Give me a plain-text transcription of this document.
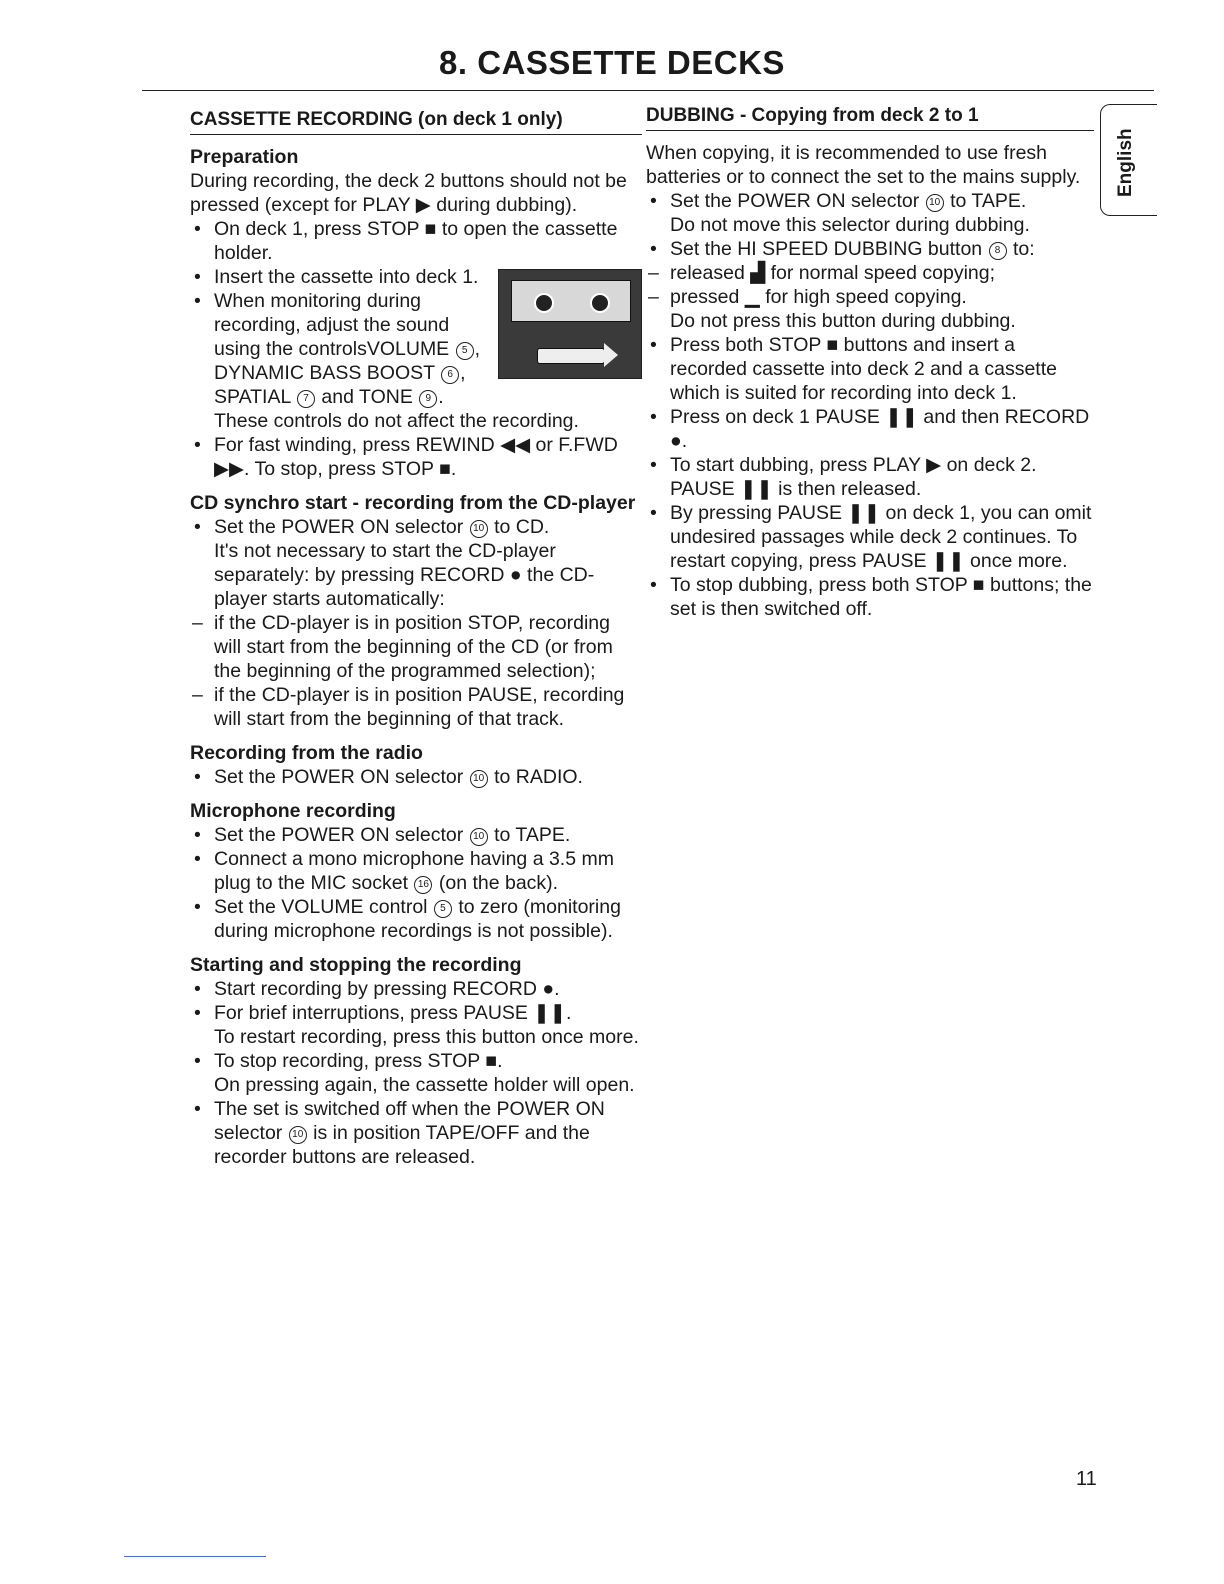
8. CASSETTE DECKS
English
CASSETTE RECORDING (on deck 1 only)

Preparation

During recording, the deck 2 buttons should not be pressed (except for PLAY ▶ during dubbing).

• On deck 1, press STOP ■ to open the cassette holder.
• Insert the cassette into deck 1.
• When monitoring during recording, adjust the sound using the controlsVOLUME 5 , DYNAMIC BASS BOOST 6 , SPATIAL 7 and TONE 9 .
These controls do not affect the recording.
• For fast winding, press REWIND ◀◀ or F.FWD ▶▶. To stop, press STOP ■.

CD synchro start - recording from the CD-player

• Set the POWER ON selector 10 to CD.
It's not necessary to start the CD-player separately: by pressing RECORD ● the CD-player starts automatically:
– if the CD-player is in position STOP, recording will start from the beginning of the CD (or from the beginning of the programmed selection);
– if the CD-player is in position PAUSE, recording will start from the beginning of that track.

Recording from the radio

• Set the POWER ON selector 10 to RADIO.

Microphone recording

• Set the POWER ON selector 10 to TAPE.
• Connect a mono microphone having a 3.5 mm plug to the MIC socket 16 (on the back).
• Set the VOLUME control 5 to zero (monitoring during microphone recordings is not possible).

Starting and stopping the recording

• Start recording by pressing RECORD ●.
• For brief interruptions, press PAUSE ❚❚.
To restart recording, press this button once more.
• To stop recording, press STOP ■.
On pressing again, the cassette holder will open.
• The set is switched off when the POWER ON selector 10 is in position TAPE/OFF and the recorder buttons are released.
DUBBING - Copying from deck 2 to 1

When copying, it is recommended to use fresh batteries or to connect the set to the mains supply.

• Set the POWER ON selector 10 to TAPE.
Do not move this selector during dubbing.
• Set the HI SPEED DUBBING button 8 to:
– released ▟ for normal speed copying;
– pressed ▁ for high speed copying.
Do not press this button during dubbing.
• Press both STOP ■ buttons and insert a recorded cassette into deck 2 and a cassette which is suited for recording into deck 1.
• Press on deck 1 PAUSE ❚❚ and then RECORD ●.
• To start dubbing, press PLAY ▶ on deck 2.
PAUSE ❚❚ is then released.
• By pressing PAUSE ❚❚ on deck 1, you can omit undesired passages while deck 2 continues. To restart copying, press PAUSE ❚❚ once more.
• To stop dubbing, press both STOP ■ buttons; the set is then switched off.
11
